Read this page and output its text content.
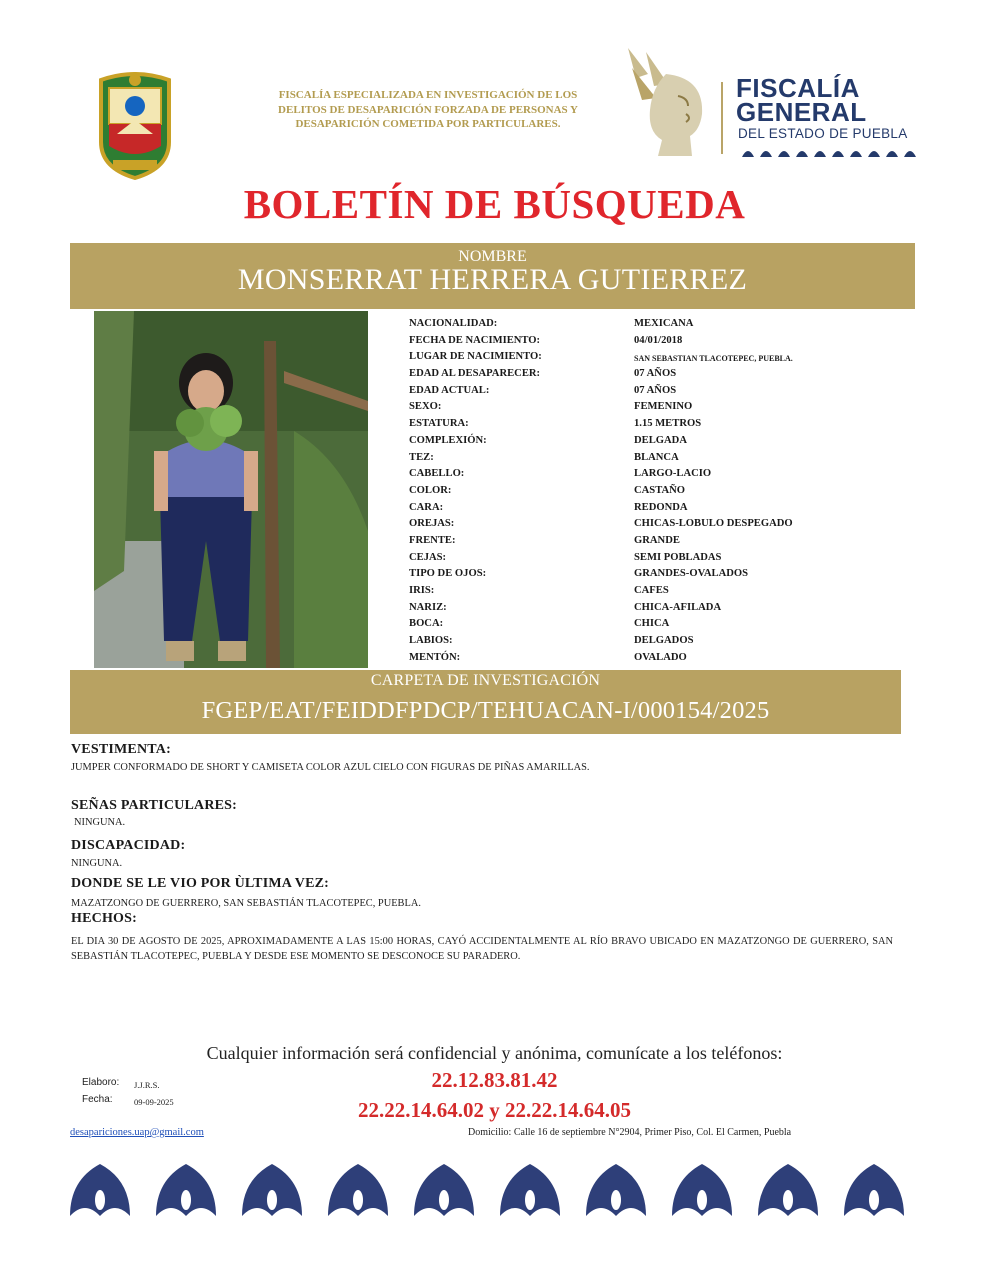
FISCALÍA ESPECIALIZADA EN INVESTIGACIÓN DE LOS DELITOS DE DESAPARICIÓN FORZADA DE PERSONAS Y DESAPARICIÓN COMETIDA POR PARTICULARES.
FISCALÍA
GENERAL
DEL ESTADO DE PUEBLA
BOLETÍN DE BÚSQUEDA
NOMBRE
MONSERRAT HERRERA GUTIERREZ
NACIONALIDAD:	MEXICANA
FECHA DE NACIMIENTO:	04/01/2018
LUGAR DE NACIMIENTO:	SAN SEBASTIAN TLACOTEPEC, PUEBLA.
EDAD AL DESAPARECER:	07 AÑOS
EDAD ACTUAL:	07 AÑOS
SEXO:	FEMENINO
ESTATURA:	1.15 METROS
COMPLEXIÓN:	DELGADA
TEZ:	BLANCA
CABELLO:	LARGO-LACIO
COLOR:	CASTAÑO
CARA:	REDONDA
OREJAS:	CHICAS-LOBULO DESPEGADO
FRENTE:	GRANDE
CEJAS:	SEMI POBLADAS
TIPO DE OJOS:	GRANDES-OVALADOS
IRIS:	CAFES
NARIZ:	CHICA-AFILADA
BOCA:	CHICA
LABIOS:	DELGADOS
MENTÓN:	OVALADO
CARPETA DE INVESTIGACIÓN
FGEP/EAT/FEIDDFPDCP/TEHUACAN-I/000154/2025
VESTIMENTA:
JUMPER CONFORMADO DE SHORT Y CAMISETA COLOR AZUL CIELO CON FIGURAS DE PIÑAS AMARILLAS.
SEÑAS PARTICULARES:
NINGUNA.
DISCAPACIDAD:
NINGUNA.
DONDE SE LE VIO POR ÙLTIMA VEZ:
MAZATZONGO DE GUERRERO, SAN SEBASTIÁN TLACOTEPEC, PUEBLA.
HECHOS:
EL DIA 30 DE AGOSTO DE 2025, APROXIMADAMENTE A LAS 15:00 HORAS, CAYÓ ACCIDENTALMENTE AL RÍO BRAVO UBICADO EN MAZATZONGO DE GUERRERO, SAN SEBASTIÁN TLACOTEPEC, PUEBLA Y DESDE ESE MOMENTO SE DESCONOCE SU PARADERO.
Cualquier información será confidencial y anónima, comunícate a los teléfonos:
22.12.83.81.42
22.22.14.64.02 y 22.22.14.64.05
Elaboro: J.J.R.S.
Fecha:	09-09-2025
desapariciones.uap@gmail.com	Domicilio: Calle 16 de septiembre N°2904, Primer Piso, Col. El Carmen, Puebla
